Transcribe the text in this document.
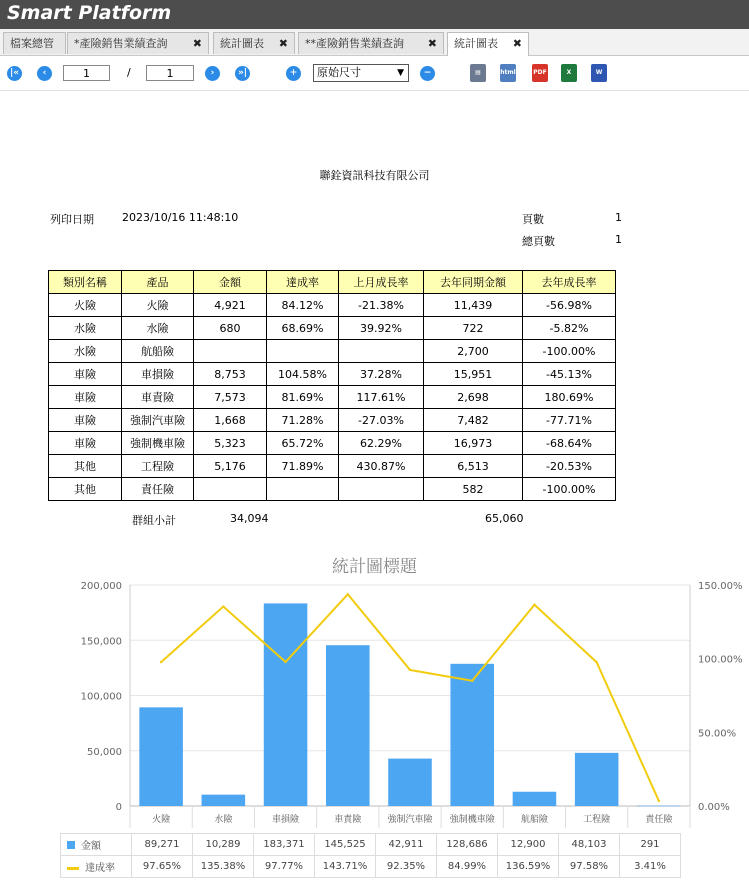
Smart Platform
檔案總管	*產險銷售業績查詢 ✖	統計圖表 ✖	**產險銷售業績查詢 ✖	統計圖表 ✖
|«	‹	1	/	1	›	»|	+	原始尺寸	▼	−	▤	html	PDF	X	W
聯銓資訊科技有限公司
列印日期	2023/10/16 11:48:10	頁數	1
總頁數	1
類別名稱	產品	金額	達成率	上月成長率	去年同期金額	去年成長率
火險	火險	4,921	84.12%	-21.38%	11,439	-56.98%
水險	水險	680	68.69%	39.92%	722	-5.82%
水險	航船險				2,700	-100.00%
車險	車損險	8,753	104.58%	37.28%	15,951	-45.13%
車險	車責險	7,573	81.69%	117.61%	2,698	180.69%
車險	強制汽車險	1,668	71.28%	-27.03%	7,482	-77.71%
車險	強制機車險	5,323	65.72%	62.29%	16,973	-68.64%
其他	工程險	5,176	71.89%	430.87%	6,513	-20.53%
其他	責任險				582	-100.00%
群組小計	34,094	65,060
統計圖標題
0
50,000
100,000
150,000
200,000
0.00%
50.00%
100.00%
150.00%
火險	水險	車損險	車責險	強制汽車險 強制機車險	航船險	工程險	責任險
金額	89,271	10,289	183,371	145,525	42,911	128,686	12,900	48,103	291
達成率	97.65%	135.38%	97.77%	143.71%	92.35%	84.99%	136.59%	97.58%	3.41%
